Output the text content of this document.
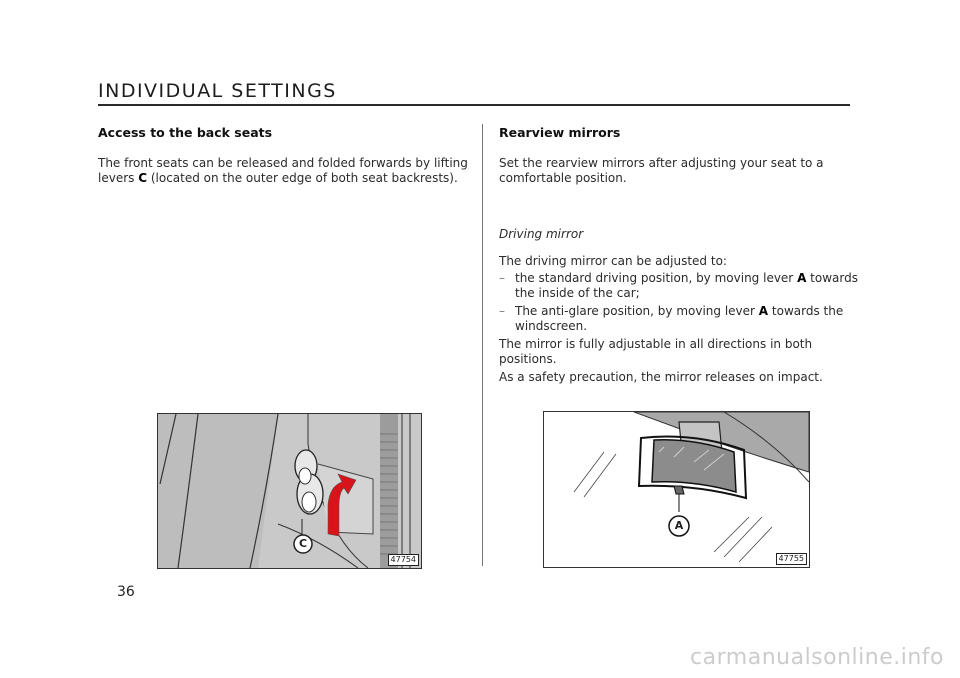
INDIVIDUAL SETTINGS
Access to the back seats
The front seats can be released and folded forwards by lifting levers C (located on the outer edge of both seat backrests).
C
47754
36
Rearview mirrors
Set the rearview mirrors after adjusting your seat to a comfortable position.
Driving mirror
The driving mirror can be adjusted to:
– the standard driving position, by moving lever A towards the inside of the car;
– The anti-glare position, by moving lever A towards the windscreen.
The mirror is fully adjustable in all directions in both positions.
As a safety precaution, the mirror releases on impact.
A
47755
carmanualsonline.info
